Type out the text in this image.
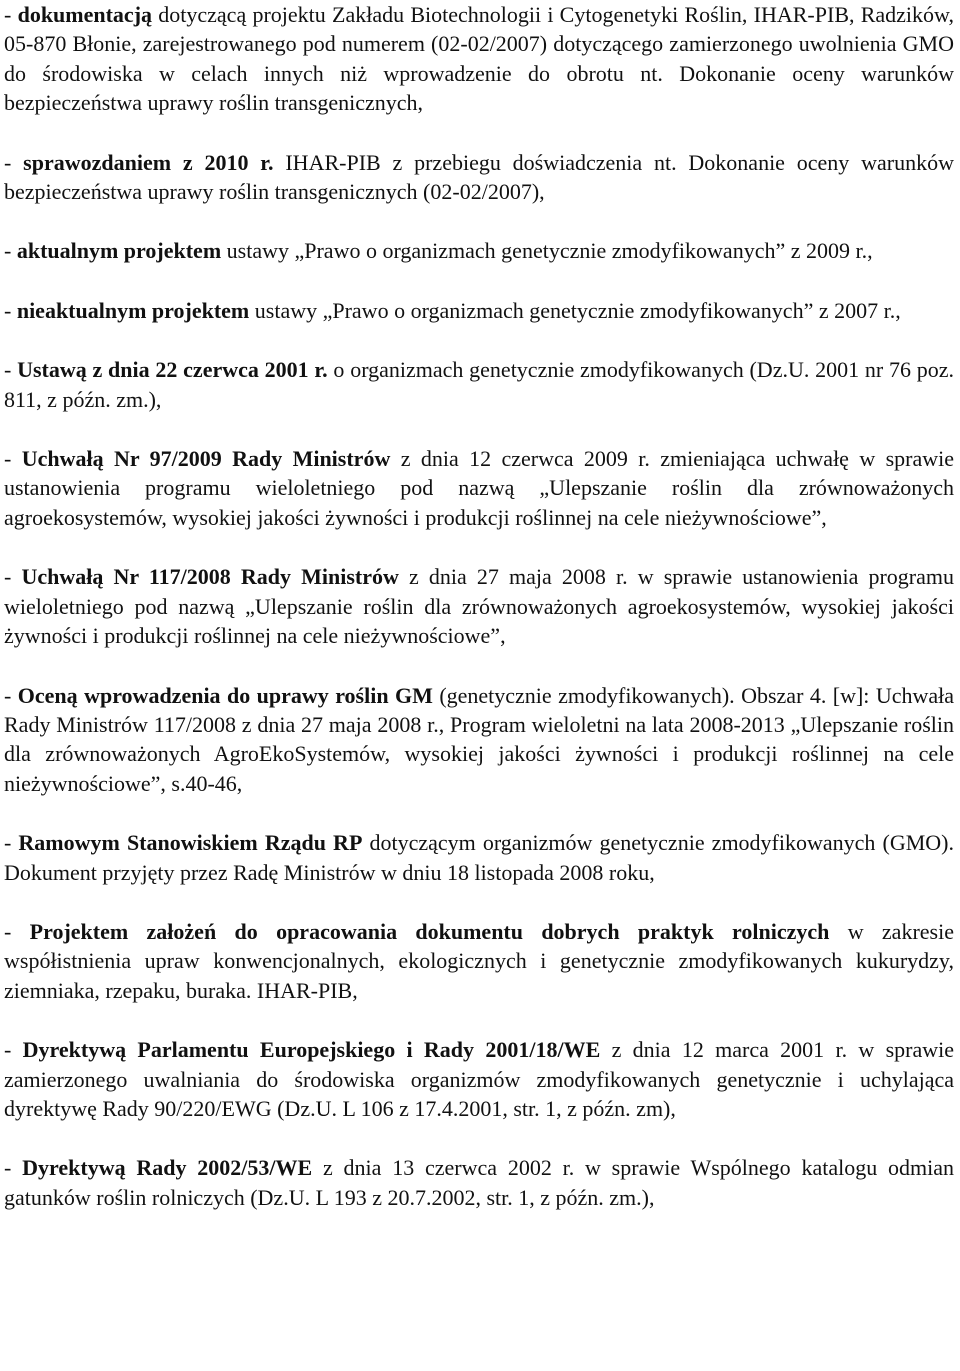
- dokumentacją dotyczącą projektu Zakładu Biotechnologii i Cytogenetyki Roślin, IHAR-PIB, Radzików, 05-870 Błonie, zarejestrowanego pod numerem (02-02/2007) dotyczącego zamierzonego uwolnienia GMO do środowiska w celach innych niż wprowadzenie do obrotu nt. Dokonanie oceny warunków bezpieczeństwa uprawy roślin transgenicznych,

- sprawozdaniem z 2010 r. IHAR-PIB z przebiegu doświadczenia nt. Dokonanie oceny warunków bezpieczeństwa uprawy roślin transgenicznych (02-02/2007),

- aktualnym projektem ustawy „Prawo o organizmach genetycznie zmodyfikowanych” z 2009 r.,

- nieaktualnym projektem ustawy „Prawo o organizmach genetycznie zmodyfikowanych” z 2007 r.,

- Ustawą z dnia 22 czerwca 2001 r. o organizmach genetycznie zmodyfikowanych (Dz.U. 2001 nr 76 poz. 811, z późn. zm.),

- Uchwałą Nr 97/2009 Rady Ministrów z dnia 12 czerwca 2009 r. zmieniająca uchwałę w sprawie ustanowienia programu wieloletniego pod nazwą „Ulepszanie roślin dla zrównoważonych agroekosystemów, wysokiej jakości żywności i produkcji roślinnej na cele nieżywnościowe”,

- Uchwałą Nr 117/2008 Rady Ministrów z dnia 27 maja 2008 r. w sprawie ustanowienia programu wieloletniego pod nazwą „Ulepszanie roślin dla zrównoważonych agroekosystemów, wysokiej jakości żywności i produkcji roślinnej na cele nieżywnościowe”,

- Oceną wprowadzenia do uprawy roślin GM (genetycznie zmodyfikowanych). Obszar 4. [w]: Uchwała Rady Ministrów 117/2008 z dnia 27 maja 2008 r., Program wieloletni na lata 2008-2013 „Ulepszanie roślin dla zrównoważonych AgroEkoSystemów, wysokiej jakości żywności i produkcji roślinnej na cele nieżywnościowe”, s.40-46,

- Ramowym Stanowiskiem Rządu RP dotyczącym organizmów genetycznie zmodyfikowanych (GMO). Dokument przyjęty przez Radę Ministrów w dniu 18 listopada 2008 roku,

- Projektem założeń do opracowania dokumentu dobrych praktyk rolniczych w zakresie współistnienia upraw konwencjonalnych, ekologicznych i genetycznie zmodyfikowanych kukurydzy, ziemniaka, rzepaku, buraka. IHAR-PIB,

- Dyrektywą Parlamentu Europejskiego i Rady 2001/18/WE z dnia 12 marca 2001 r. w sprawie zamierzonego uwalniania do środowiska organizmów zmodyfikowanych genetycznie i uchylająca dyrektywę Rady 90/220/EWG (Dz.U. L 106 z 17.4.2001, str. 1, z późn. zm),

- Dyrektywą Rady 2002/53/WE z dnia 13 czerwca 2002 r. w sprawie Wspólnego katalogu odmian gatunków roślin rolniczych (Dz.U. L 193 z 20.7.2002, str. 1, z późn. zm.),
